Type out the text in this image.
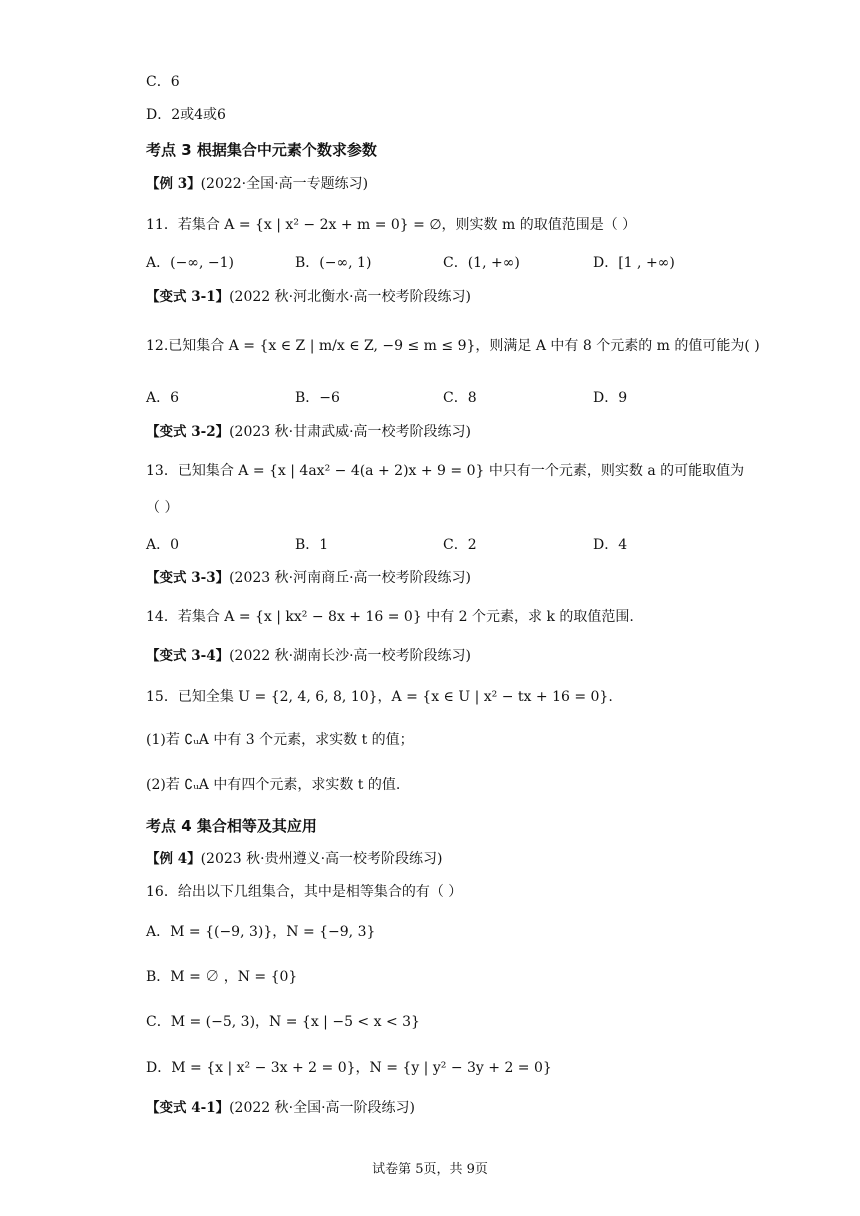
C．6
D．2或4或6
考点 3 根据集合中元素个数求参数
【例 3】(2022·全国·高一专题练习)
11．若集合 A = {x | x² − 2x + m = 0} = ∅，则实数 m 的取值范围是（ ）
A．(−∞, −1)	B．(−∞, 1)	C．(1, +∞)	D．[1 , +∞)
【变式 3-1】(2022 秋·河北衡水·高一校考阶段练习)
12.已知集合 A = {x ∈ Z | m/x ∈ Z, −9 ≤ m ≤ 9}，则满足 A 中有 8 个元素的 m 的值可能为( )
A．6	B．−6	C．8	D．9
【变式 3-2】(2023 秋·甘肃武威·高一校考阶段练习)
13．已知集合 A = {x | 4ax² − 4(a + 2)x + 9 = 0} 中只有一个元素，则实数 a 的可能取值为
（ ）
A．0	B．1	C．2	D．4
【变式 3-3】(2023 秋·河南商丘·高一校考阶段练习)
14．若集合 A = {x | kx² − 8x + 16 = 0} 中有 2 个元素，求 k 的取值范围.
【变式 3-4】(2022 秋·湖南长沙·高一校考阶段练习)
15．已知全集 U = {2, 4, 6, 8, 10}，A = {x ∈ U | x² − tx + 16 = 0}.
(1)若 ∁ᵤA 中有 3 个元素，求实数 t 的值；
(2)若 ∁ᵤA 中有四个元素，求实数 t 的值.
考点 4 集合相等及其应用
【例 4】(2023 秋·贵州遵义·高一校考阶段练习)
16．给出以下几组集合，其中是相等集合的有（ ）
A．M = {(−9, 3)}，N = {−9, 3}
B．M = ∅ ，N = {0}
C．M = (−5, 3)，N = {x | −5 < x < 3}
D．M = {x | x² − 3x + 2 = 0}，N = {y | y² − 3y + 2 = 0}
【变式 4-1】(2022 秋·全国·高一阶段练习)
试卷第 5页，共 9页
